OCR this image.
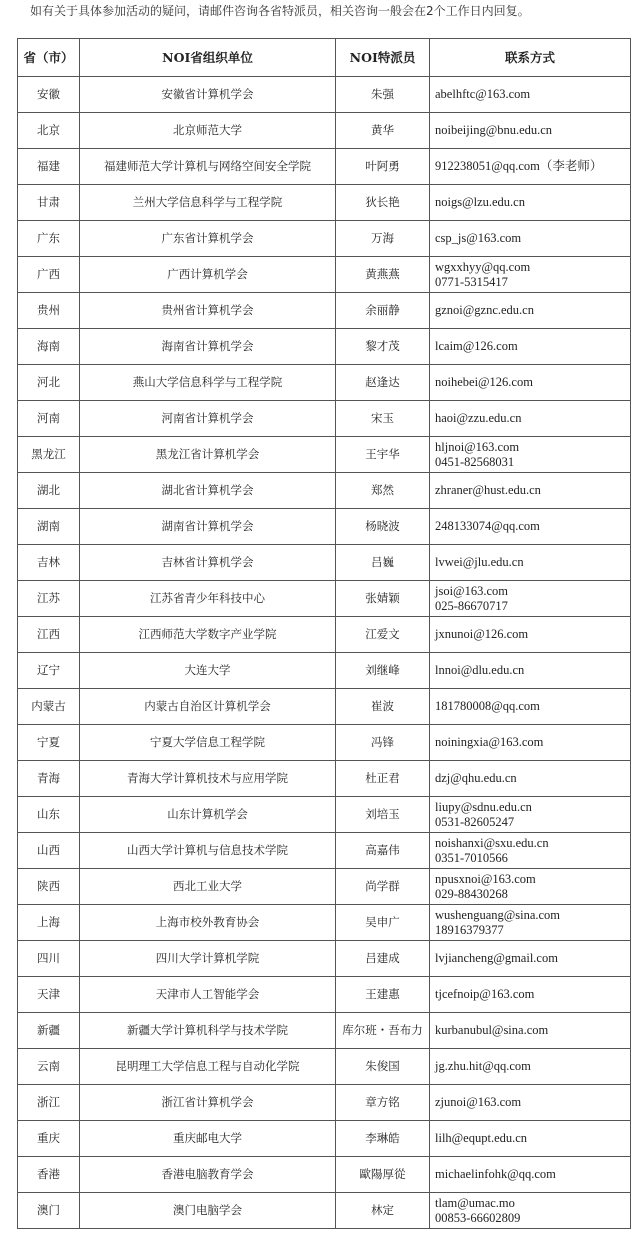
如有关于具体参加活动的疑问，请邮件咨询各省特派员，相关咨询一般会在2个工作日内回复。
省（市）	NOI省组织单位	NOI特派员	联系方式
安徽	安徽省计算机学会	朱强	abelhftc@163.com

北京	北京师范大学	黄华	noibeijing@bnu.edu.cn

福建	福建师范大学计算机与网络空间安全学院	叶阿勇	912238051@qq.com（李老师）

甘肃	兰州大学信息科学与工程学院	狄长艳	noigs@lzu.edu.cn

广东	广东省计算机学会	万海	csp_js@163.com

广西	广西计算机学会	黄燕燕	wgxxhyy@qq.com
0771-5315417

贵州	贵州省计算机学会	余丽静	gznoi@gznc.edu.cn

海南	海南省计算机学会	黎才茂	lcaim@126.com

河北	燕山大学信息科学与工程学院	赵逢达	noihebei@126.com

河南	河南省计算机学会	宋玉	haoi@zzu.edu.cn

黑龙江	黑龙江省计算机学会	王宇华	hljnoi@163.com
0451-82568031

湖北	湖北省计算机学会	郑然	zhraner@hust.edu.cn

湖南	湖南省计算机学会	杨晓波	248133074@qq.com

吉林	吉林省计算机学会	吕巍	lvwei@jlu.edu.cn

江苏	江苏省青少年科技中心	张婧颖	jsoi@163.com
025-86670717

江西	江西师范大学数字产业学院	江爱文	jxnunoi@126.com

辽宁	大连大学	刘继峰	lnnoi@dlu.edu.cn

内蒙古	内蒙古自治区计算机学会	崔波	181780008@qq.com

宁夏	宁夏大学信息工程学院	冯锋	noiningxia@163.com

青海	青海大学计算机技术与应用学院	杜正君	dzj@qhu.edu.cn

山东	山东计算机学会	刘培玉	liupy@sdnu.edu.cn
0531-82605247

山西	山西大学计算机与信息技术学院	高嘉伟	noishanxi@sxu.edu.cn
0351-7010566

陕西	西北工业大学	尚学群	npusxnoi@163.com
029-88430268

上海	上海市校外教育协会	吴申广	wushenguang@sina.com
18916379377

四川	四川大学计算机学院	吕建成	lvjiancheng@gmail.com

天津	天津市人工智能学会	王建惠	tjcefnoip@163.com

新疆	新疆大学计算机科学与技术学院	库尔班・吾布力	kurbanubul@sina.com

云南	昆明理工大学信息工程与自动化学院	朱俊国	jg.zhu.hit@qq.com

浙江	浙江省计算机学会	章方铭	zjunoi@163.com

重庆	重庆邮电大学	李琳皓	lilh@equpt.edu.cn

香港	香港电脑教育学会	歐陽厚從	michaelinfohk@qq.com

澳门	澳门电脑学会	林定	tlam@umac.mo
00853-66602809
